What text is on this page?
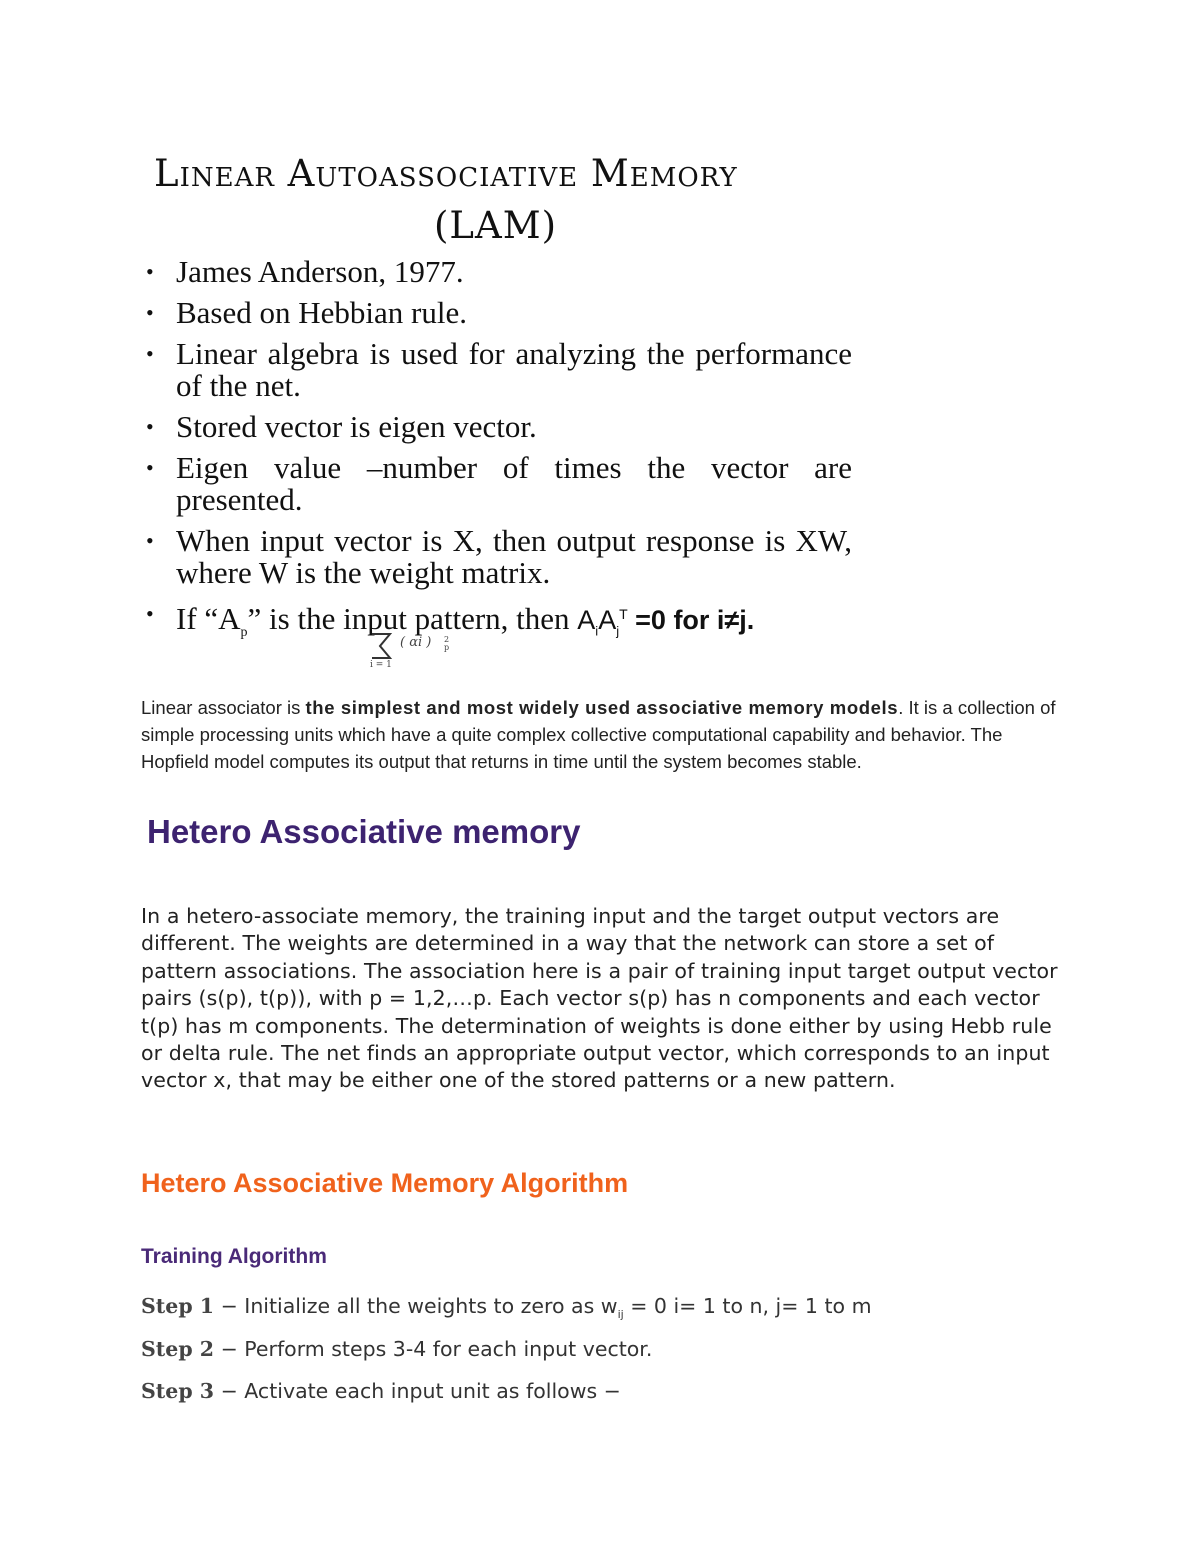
Linear Autoassociative Memory
(LAM)
• James Anderson, 1977.
• Based on Hebbian rule.
• Linear algebra is used for analyzing the performance of the net.
• Stored vector is eigen vector.
• Eigen value –number of times the vector are presented.
• When input vector is X, then output response is XW, where W is the weight matrix.
• If “$A_p$” is the input pattern, then $A_iA_j^T =0$ for i≠j.
( αi ) 2
p
i = 1

Linear associator is the simplest and most widely used associative memory models. It is a collection of simple processing units which have a quite complex collective computational capability and behavior. The Hopfield model computes its output that returns in time until the system becomes stable.

Hetero Associative memory

In a hetero-associate memory, the training input and the target output vectors are different. The weights are determined in a way that the network can store a set of pattern associations. The association here is a pair of training input target output vector pairs (s(p), t(p)), with p = 1,2,…p. Each vector s(p) has n components and each vector t(p) has m components. The determination of weights is done either by using Hebb rule or delta rule. The net finds an appropriate output vector, which corresponds to an input vector x, that may be either one of the stored patterns or a new pattern.

Hetero Associative Memory Algorithm
Training Algorithm

Step 1 − Initialize all the weights to zero as $w_{ij} = 0$ i= 1 to n, j= 1 to m

Step 2 − Perform steps 3-4 for each input vector.

Step 3 − Activate each input unit as follows −
